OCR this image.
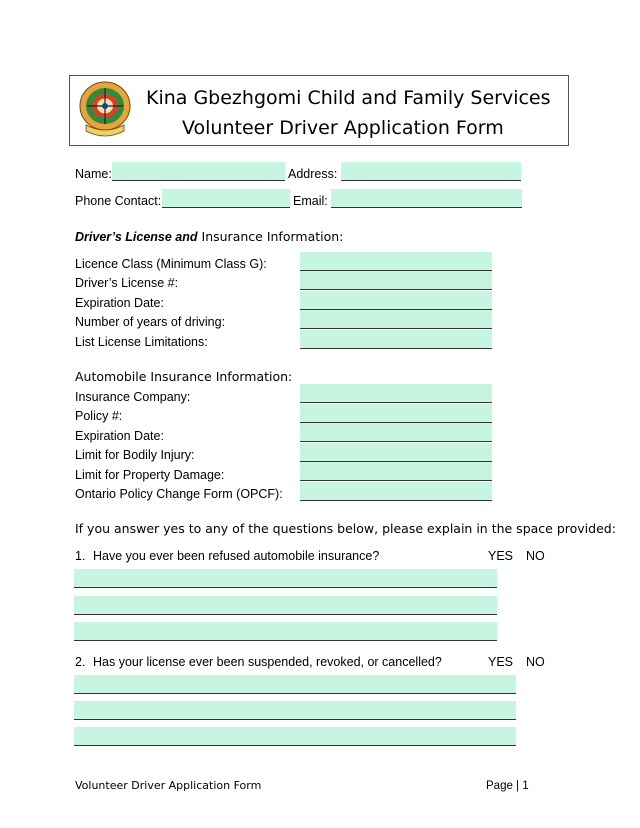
Kina Gbezhgomi Child and Family Services
Volunteer Driver Application Form
Name:	Address:
Phone Contact:	Email:
Driver’s License and Insurance Information:
Licence Class (Minimum Class G):
Driver’s License #:
Expiration Date:
Number of years of driving:
List License Limitations:
Automobile Insurance Information:
Insurance Company:
Policy #:
Expiration Date:
Limit for Bodily Injury:
Limit for Property Damage:
Ontario Policy Change Form (OPCF):
If you answer yes to any of the questions below, please explain in the space provided:
1. Have you ever been refused automobile insurance?	YES NO
2. Has your license ever been suspended, revoked, or cancelled?	YES NO
Volunteer Driver Application Form	Page | 1
